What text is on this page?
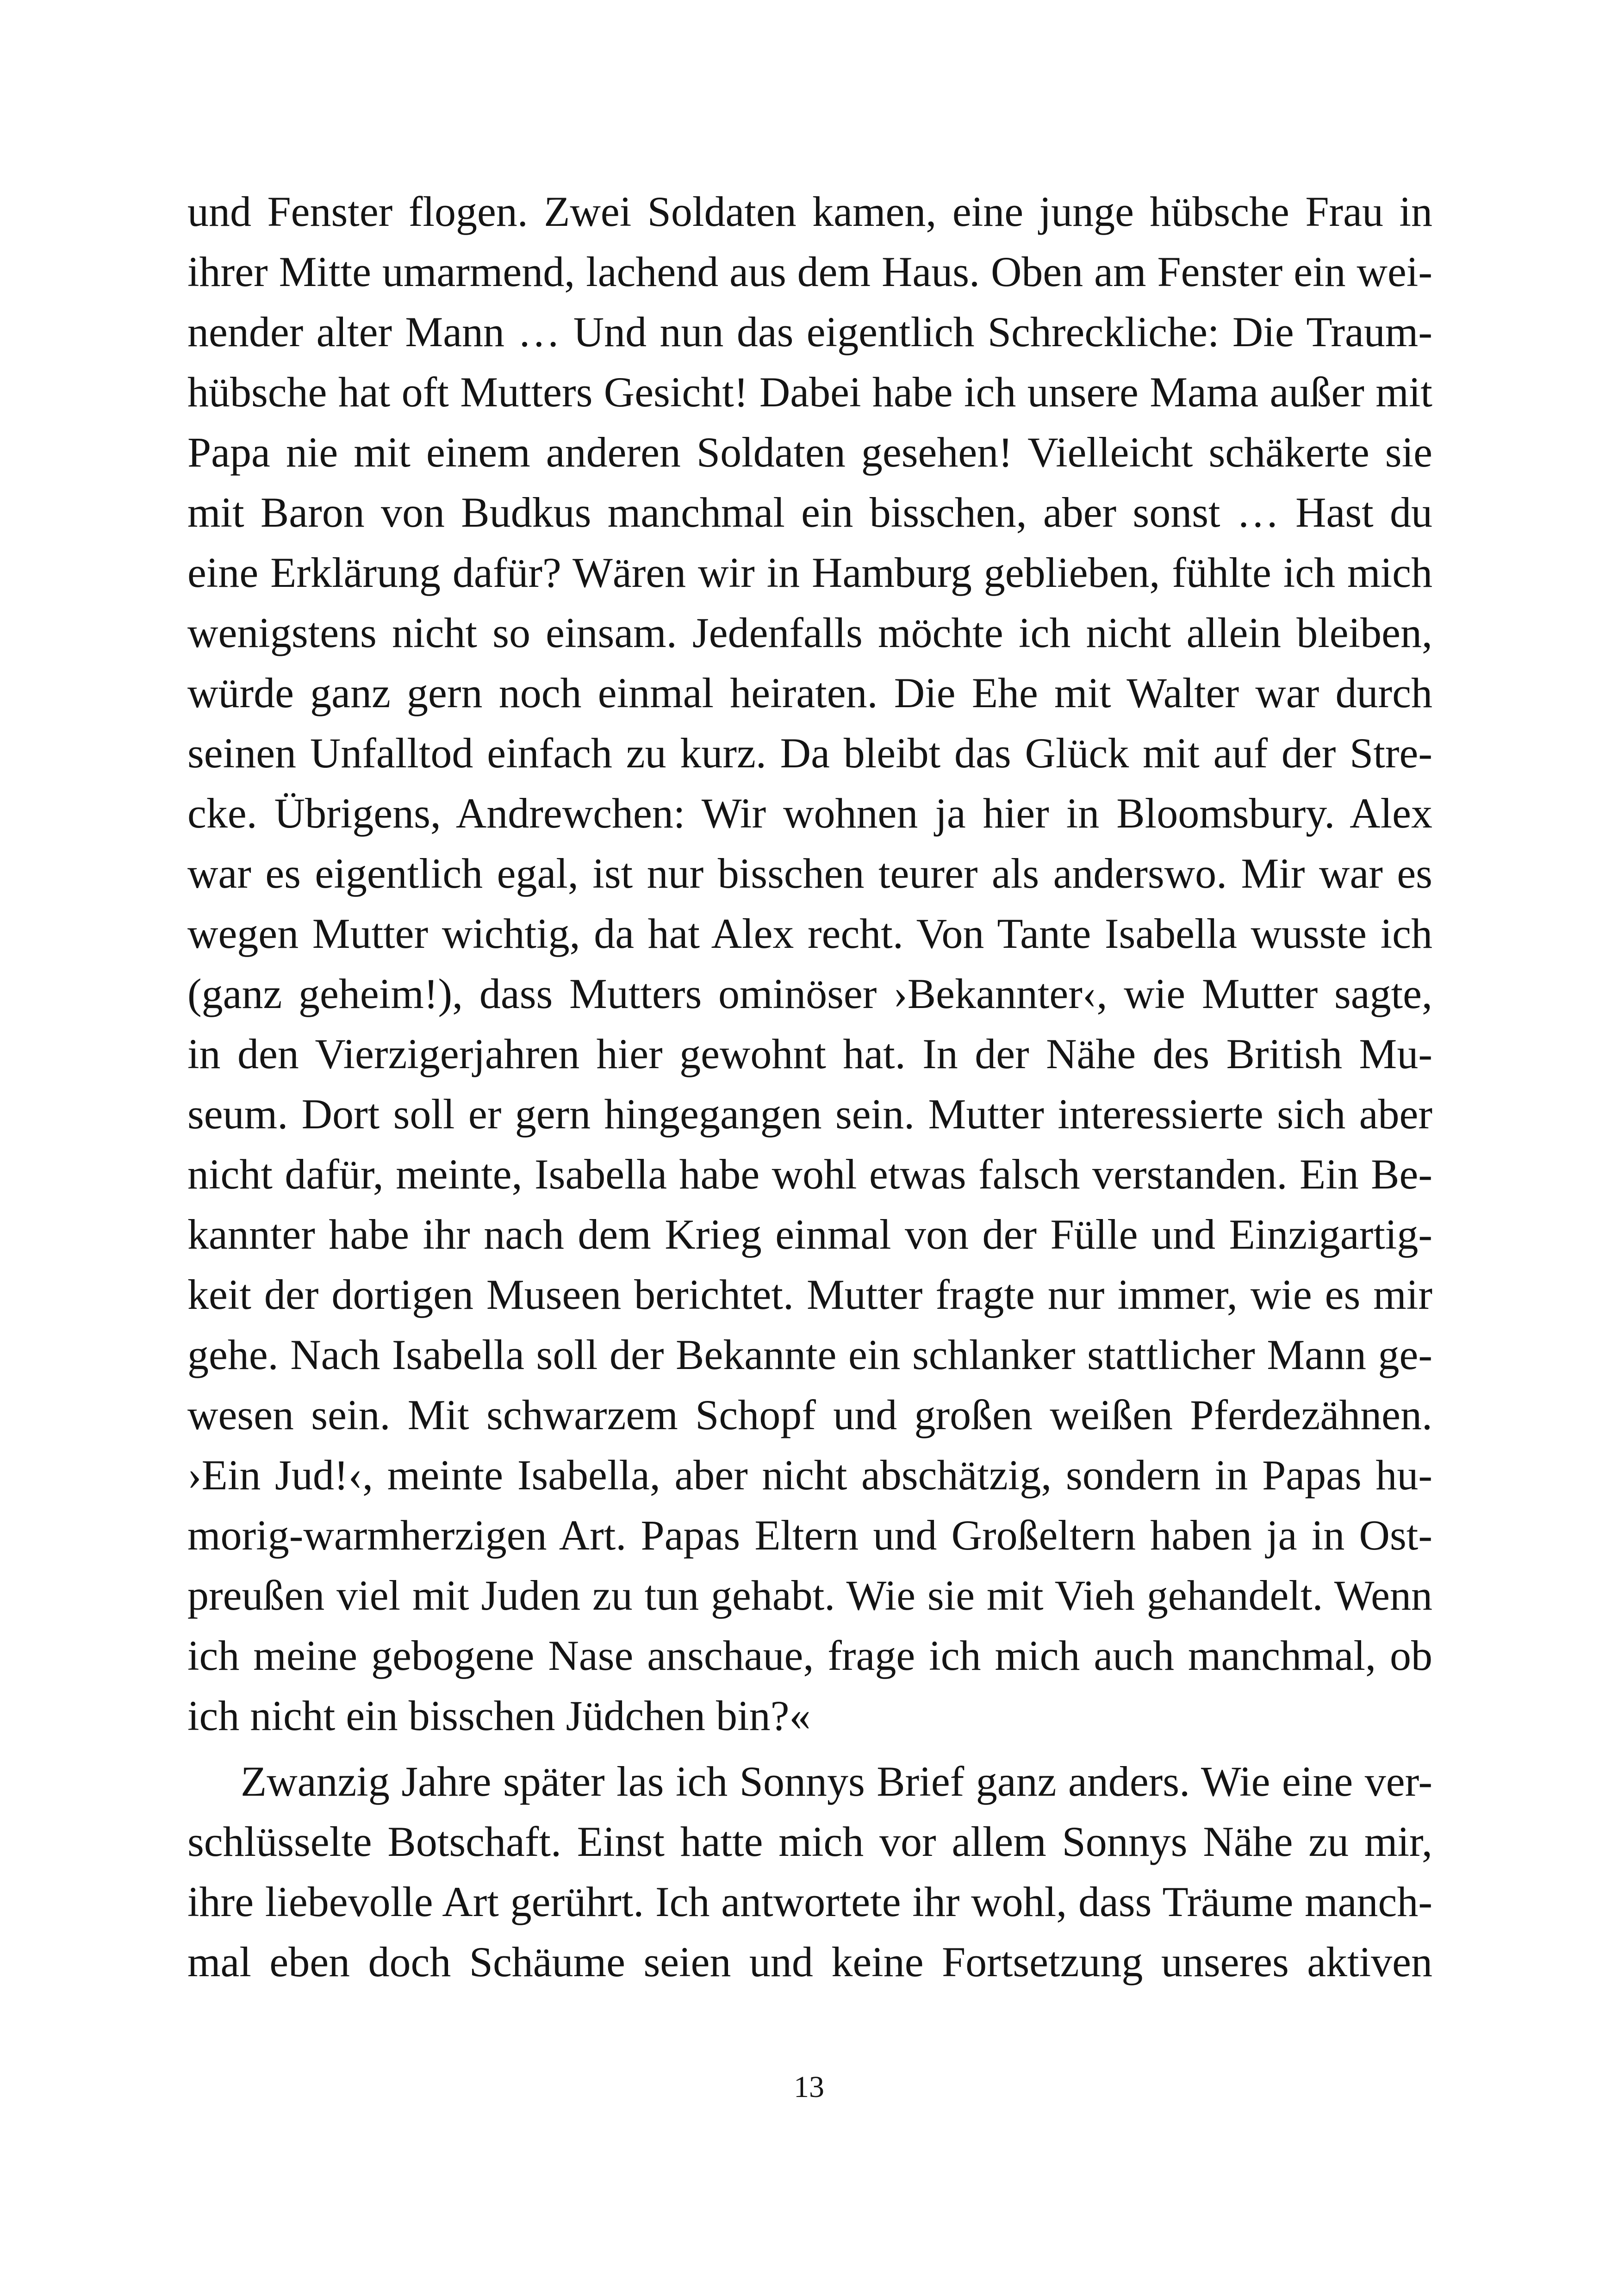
und Fenster flogen. Zwei Soldaten kamen, eine junge hübsche Frau in
ihrer Mitte umarmend, lachend aus dem Haus. Oben am Fenster ein wei-
nender alter Mann … Und nun das eigentlich Schreckliche: Die Traum-
hübsche hat oft Mutters Gesicht! Dabei habe ich unsere Mama außer mit
Papa nie mit einem anderen Soldaten gesehen! Vielleicht schäkerte sie
mit Baron von Budkus manchmal ein bisschen, aber sonst … Hast du
eine Erklärung dafür? Wären wir in Hamburg geblieben, fühlte ich mich
wenigstens nicht so einsam. Jedenfalls möchte ich nicht allein bleiben,
würde ganz gern noch einmal heiraten. Die Ehe mit Walter war durch
seinen Unfalltod einfach zu kurz. Da bleibt das Glück mit auf der Stre-
cke. Übrigens, Andrewchen: Wir wohnen ja hier in Bloomsbury. Alex
war es eigentlich egal, ist nur bisschen teurer als anderswo. Mir war es
wegen Mutter wichtig, da hat Alex recht. Von Tante Isabella wusste ich
(ganz geheim!), dass Mutters ominöser ›Bekannter‹, wie Mutter sagte,
in den Vierzigerjahren hier gewohnt hat. In der Nähe des British Mu-
seum. Dort soll er gern hingegangen sein. Mutter interessierte sich aber
nicht dafür, meinte, Isabella habe wohl etwas falsch verstanden. Ein Be-
kannter habe ihr nach dem Krieg einmal von der Fülle und Einzigartig-
keit der dortigen Museen berichtet. Mutter fragte nur immer, wie es mir
gehe. Nach Isabella soll der Bekannte ein schlanker stattlicher Mann ge-
wesen sein. Mit schwarzem Schopf und großen weißen Pferdezähnen.
›Ein Jud!‹, meinte Isabella, aber nicht abschätzig, sondern in Papas hu-
morig-warmherzigen Art. Papas Eltern und Großeltern haben ja in Ost-
preußen viel mit Juden zu tun gehabt. Wie sie mit Vieh gehandelt. Wenn
ich meine gebogene Nase anschaue, frage ich mich auch manchmal, ob
ich nicht ein bisschen Jüdchen bin?«
Zwanzig Jahre später las ich Sonnys Brief ganz anders. Wie eine ver-
schlüsselte Botschaft. Einst hatte mich vor allem Sonnys Nähe zu mir,
ihre liebevolle Art gerührt. Ich antwortete ihr wohl, dass Träume manch-
mal eben doch Schäume seien und keine Fortsetzung unseres aktiven
13
